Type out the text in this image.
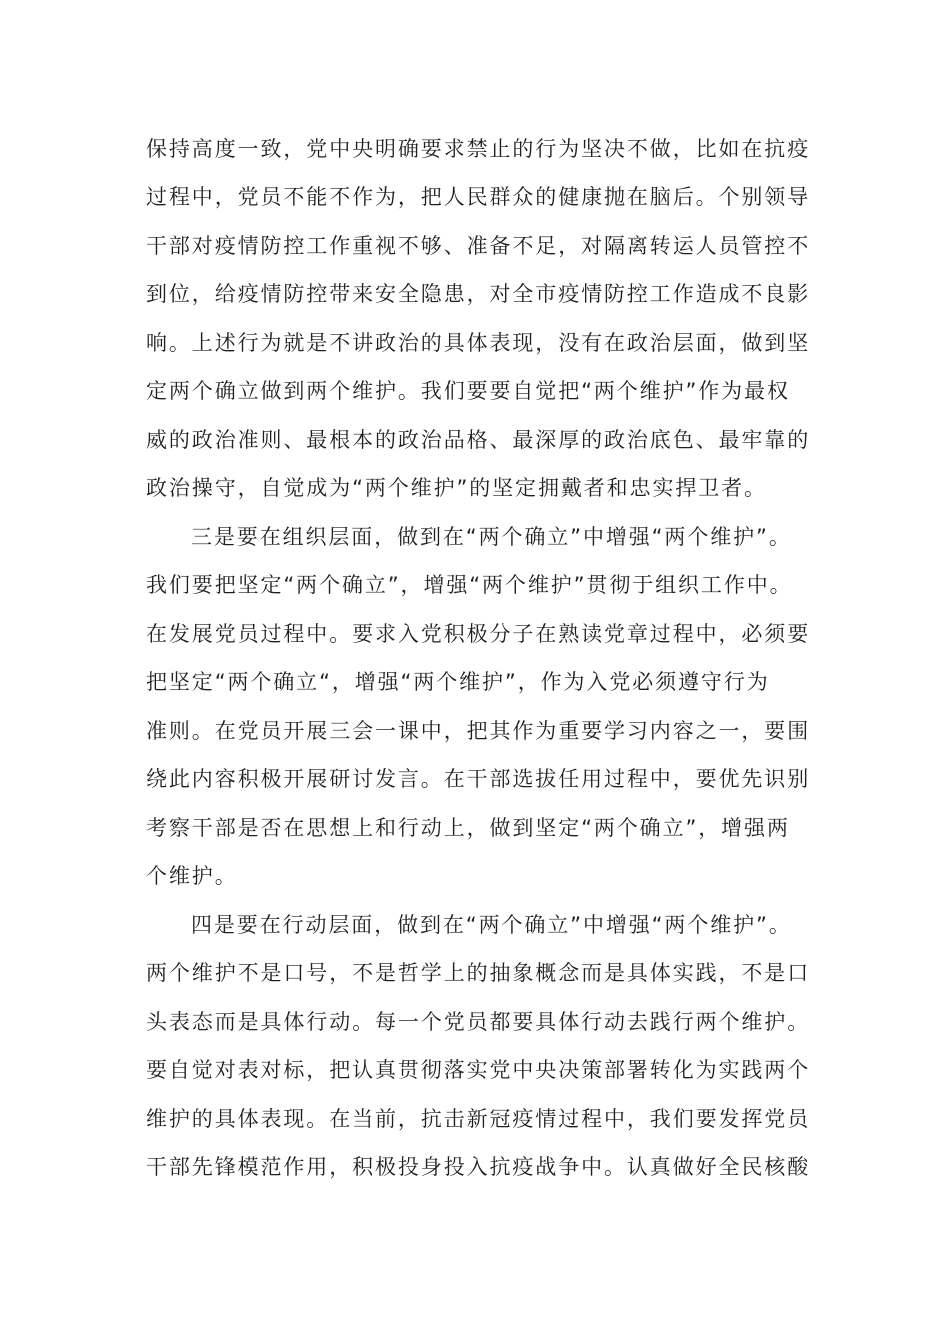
保持高度一致，党中央明确要求禁止的行为坚决不做，比如在抗疫
过程中，党员不能不作为，把人民群众的健康抛在脑后。个别领导
干部对疫情防控工作重视不够、准备不足，对隔离转运人员管控不
到位，给疫情防控带来安全隐患，对全市疫情防控工作造成不良影
响。上述行为就是不讲政治的具体表现，没有在政治层面，做到坚
定两个确立做到两个维护。我们要要自觉把“两个维护”作为最权
威的政治准则、最根本的政治品格、最深厚的政治底色、最牢靠的
政治操守，自觉成为“两个维护”的坚定拥戴者和忠实捍卫者。
三是要在组织层面，做到在“两个确立”中增强“两个维护”。
我们要把坚定“两个确立”，增强“两个维护”贯彻于组织工作中。
在发展党员过程中。要求入党积极分子在熟读党章过程中，必须要
把坚定“两个确立“，增强“两个维护”，作为入党必须遵守行为
准则。在党员开展三会一课中，把其作为重要学习内容之一，要围
绕此内容积极开展研讨发言。在干部选拔任用过程中，要优先识别
考察干部是否在思想上和行动上，做到坚定“两个确立”，增强两
个维护。
四是要在行动层面，做到在“两个确立”中增强“两个维护”。
两个维护不是口号，不是哲学上的抽象概念而是具体实践，不是口
头表态而是具体行动。每一个党员都要具体行动去践行两个维护。
要自觉对表对标，把认真贯彻落实党中央决策部署转化为实践两个
维护的具体表现。在当前，抗击新冠疫情过程中，我们要发挥党员
干部先锋模范作用，积极投身投入抗疫战争中。认真做好全民核酸
